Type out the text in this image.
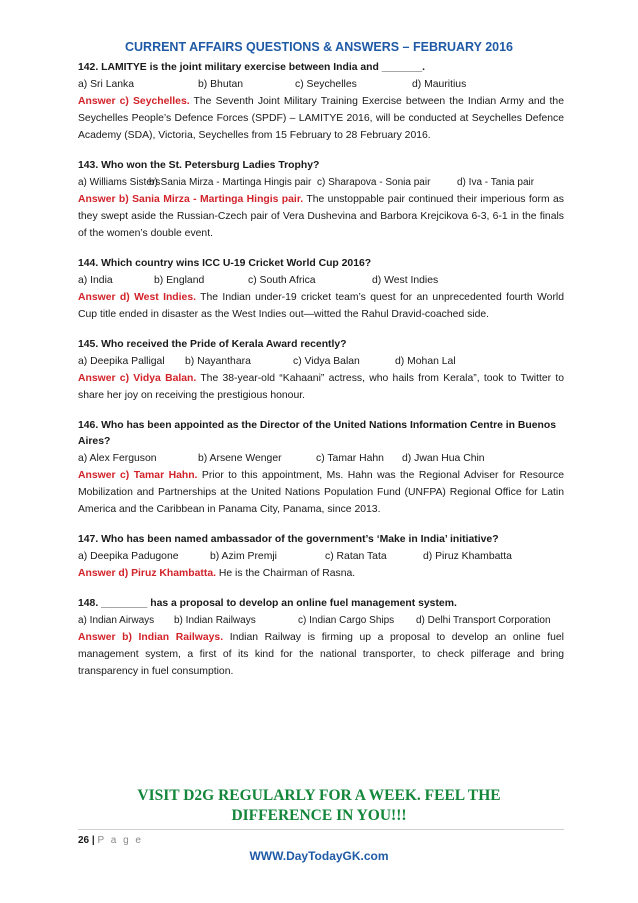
CURRENT AFFAIRS QUESTIONS & ANSWERS – FEBRUARY 2016
142. LAMITYE is the joint military exercise between India and _______.
a) Sri Lanka	b) Bhutan	c) Seychelles	d) Mauritius
Answer c) Seychelles. The Seventh Joint Military Training Exercise between the Indian Army and the Seychelles People’s Defence Forces (SPDF) – LAMITYE 2016, will be conducted at Seychelles Defence Academy (SDA), Victoria, Seychelles from 15 February to 28 February 2016.
143. Who won the St. Petersburg Ladies Trophy?
a) Williams Sisters
b) Sania Mirza - Martinga Hingis pair c) Sharapova - Sonia pair	d) Iva - Tania pair
Answer b) Sania Mirza - Martinga Hingis pair. The unstoppable pair continued their imperious form as they swept aside the Russian-Czech pair of Vera Dushevina and Barbora Krejcikova 6-3, 6-1 in the finals of the women’s double event.
144. Which country wins ICC U-19 Cricket World Cup 2016?
a) India	b) England	c) South Africa	d) West Indies
Answer d) West Indies. The Indian under-19 cricket team’s quest for an unprecedented fourth World Cup title ended in disaster as the West Indies out—witted the Rahul Dravid-coached side.
145. Who received the Pride of Kerala Award recently?
a) Deepika Palligal	b) Nayanthara	c) Vidya Balan	d) Mohan Lal
Answer c) Vidya Balan. The 38-year-old “Kahaani” actress, who hails from Kerala”, took to Twitter to share her joy on receiving the prestigious honour.
146. Who has been appointed as the Director of the United Nations Information Centre in Buenos Aires?
a) Alex Ferguson	b) Arsene Wenger	c) Tamar Hahn	d) Jwan Hua Chin
Answer c) Tamar Hahn. Prior to this appointment, Ms. Hahn was the Regional Adviser for Resource Mobilization and Partnerships at the United Nations Population Fund (UNFPA) Regional Office for Latin America and the Caribbean in Panama City, Panama, since 2013.
147. Who has been named ambassador of the government’s ‘Make in India’ initiative?
a) Deepika Padugone	b) Azim Premji	c) Ratan Tata	d) Piruz Khambatta
Answer d) Piruz Khambatta. He is the Chairman of Rasna.
148. ________ has a proposal to develop an online fuel management system.
a) Indian Airways	b) Indian Railways	c) Indian Cargo Ships	d) Delhi Transport Corporation
Answer b) Indian Railways. Indian Railway is firming up a proposal to develop an online fuel management system, a first of its kind for the national transporter, to check pilferage and bring transparency in fuel consumption.
VISIT D2G REGULARLY FOR A WEEK. FEEL THE
DIFFERENCE IN YOU!!!
26 | P a g e
WWW.DayTodayGK.com
